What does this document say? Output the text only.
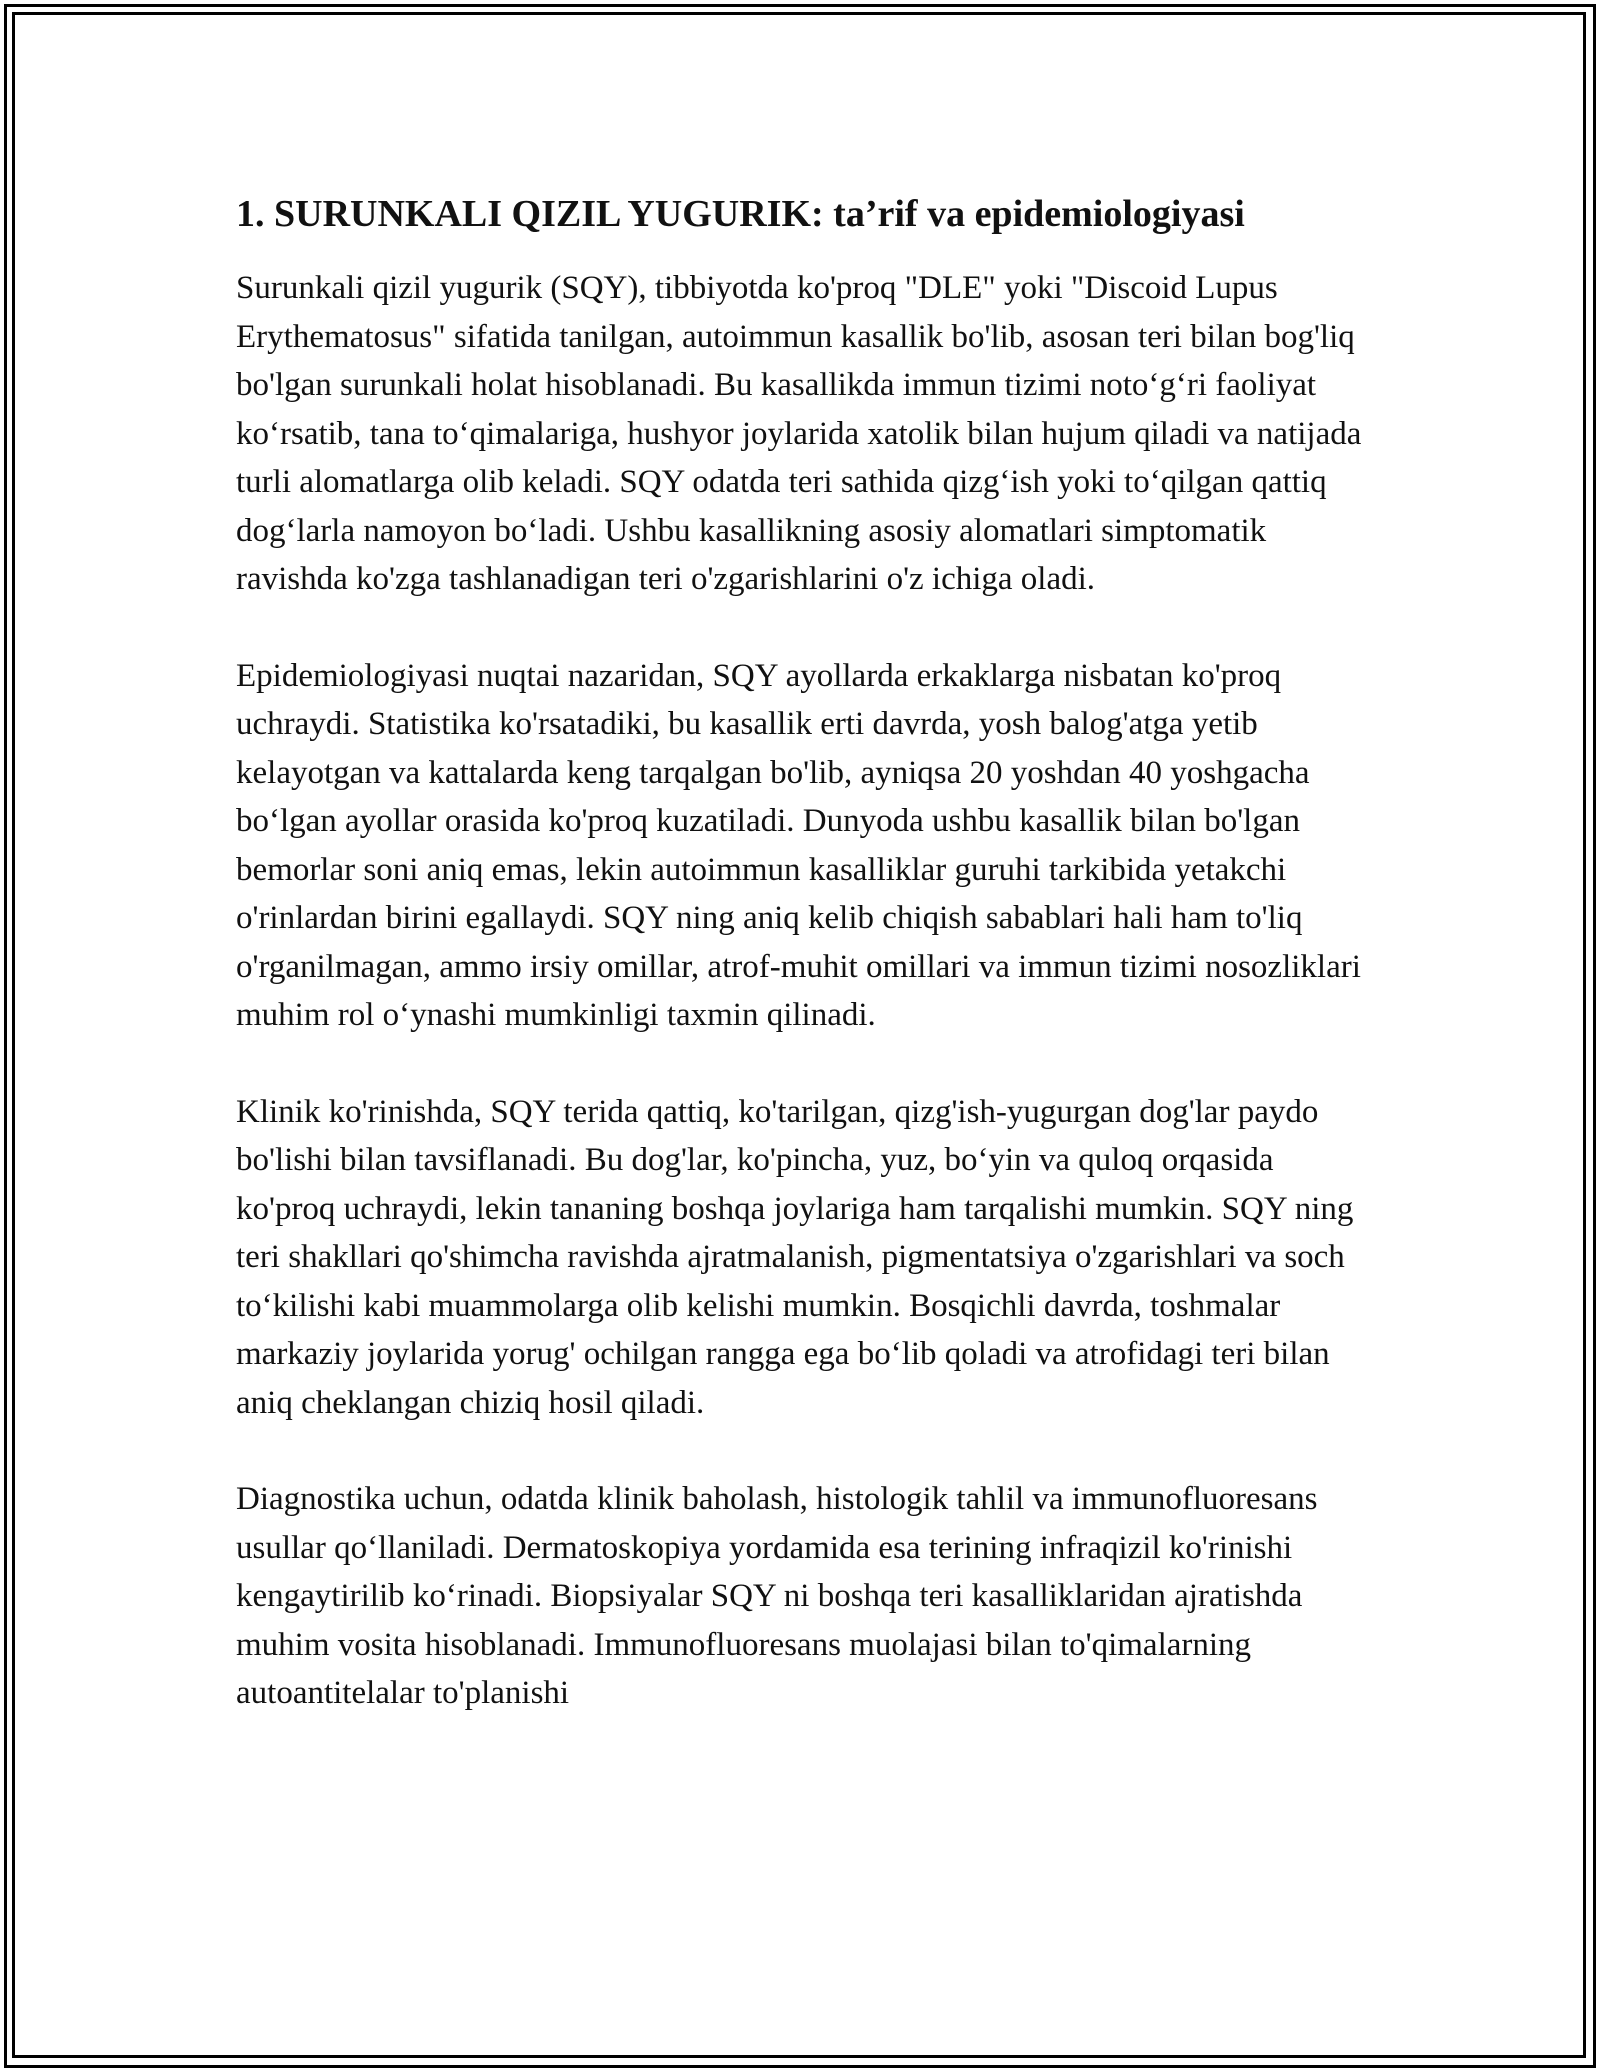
1. SURUNKALI QIZIL YUGURIK: ta’rif va epidemiologiyasi

Surunkali qizil yugurik (SQY), tibbiyotda ko'proq "DLE" yoki "Discoid Lupus Erythematosus" sifatida tanilgan, autoimmun kasallik bo'lib, asosan teri bilan bog'liq bo'lgan surunkali holat hisoblanadi. Bu kasallikda immun tizimi noto‘g‘ri faoliyat ko‘rsatib, tana to‘qimalariga, hushyor joylarida xatolik bilan hujum qiladi va natijada turli alomatlarga olib keladi. SQY odatda teri sathida qizg‘ish yoki to‘qilgan qattiq dog‘larla namoyon bo‘ladi. Ushbu kasallikning asosiy alomatlari simptomatik ravishda ko'zga tashlanadigan teri o'zgarishlarini o'z ichiga oladi.

Epidemiologiyasi nuqtai nazaridan, SQY ayollarda erkaklarga nisbatan ko'proq uchraydi. Statistika ko'rsatadiki, bu kasallik erti davrda, yosh balog'atga yetib kelayotgan va kattalarda keng tarqalgan bo'lib, ayniqsa 20 yoshdan 40 yoshgacha bo‘lgan ayollar orasida ko'proq kuzatiladi. Dunyoda ushbu kasallik bilan bo'lgan bemorlar soni aniq emas, lekin autoimmun kasalliklar guruhi tarkibida yetakchi o'rinlardan birini egallaydi. SQY ning aniq kelib chiqish sabablari hali ham to'liq o'rganilmagan, ammo irsiy omillar, atrof-muhit omillari va immun tizimi nosozliklari muhim rol o‘ynashi mumkinligi taxmin qilinadi.

Klinik ko'rinishda, SQY terida qattiq, ko'tarilgan, qizg'ish-yugurgan dog'lar paydo bo'lishi bilan tavsiflanadi. Bu dog'lar, ko'pincha, yuz, bo‘yin va quloq orqasida ko'proq uchraydi, lekin tananing boshqa joylariga ham tarqalishi mumkin. SQY ning teri shakllari qo'shimcha ravishda ajratmalanish, pigmentatsiya o'zgarishlari va soch to‘kilishi kabi muammolarga olib kelishi mumkin. Bosqichli davrda, toshmalar markaziy joylarida yorug' ochilgan rangga ega bo‘lib qoladi va atrofidagi teri bilan aniq cheklangan chiziq hosil qiladi.

Diagnostika uchun, odatda klinik baholash, histologik tahlil va immunofluoresans usullar qo‘llaniladi. Dermatoskopiya yordamida esa terining infraqizil ko'rinishi kengaytirilib ko‘rinadi. Biopsiyalar SQY ni boshqa teri kasalliklaridan ajratishda muhim vosita hisoblanadi. Immunofluoresans muolajasi bilan to'qimalarning autoantitelalar to'planishi
